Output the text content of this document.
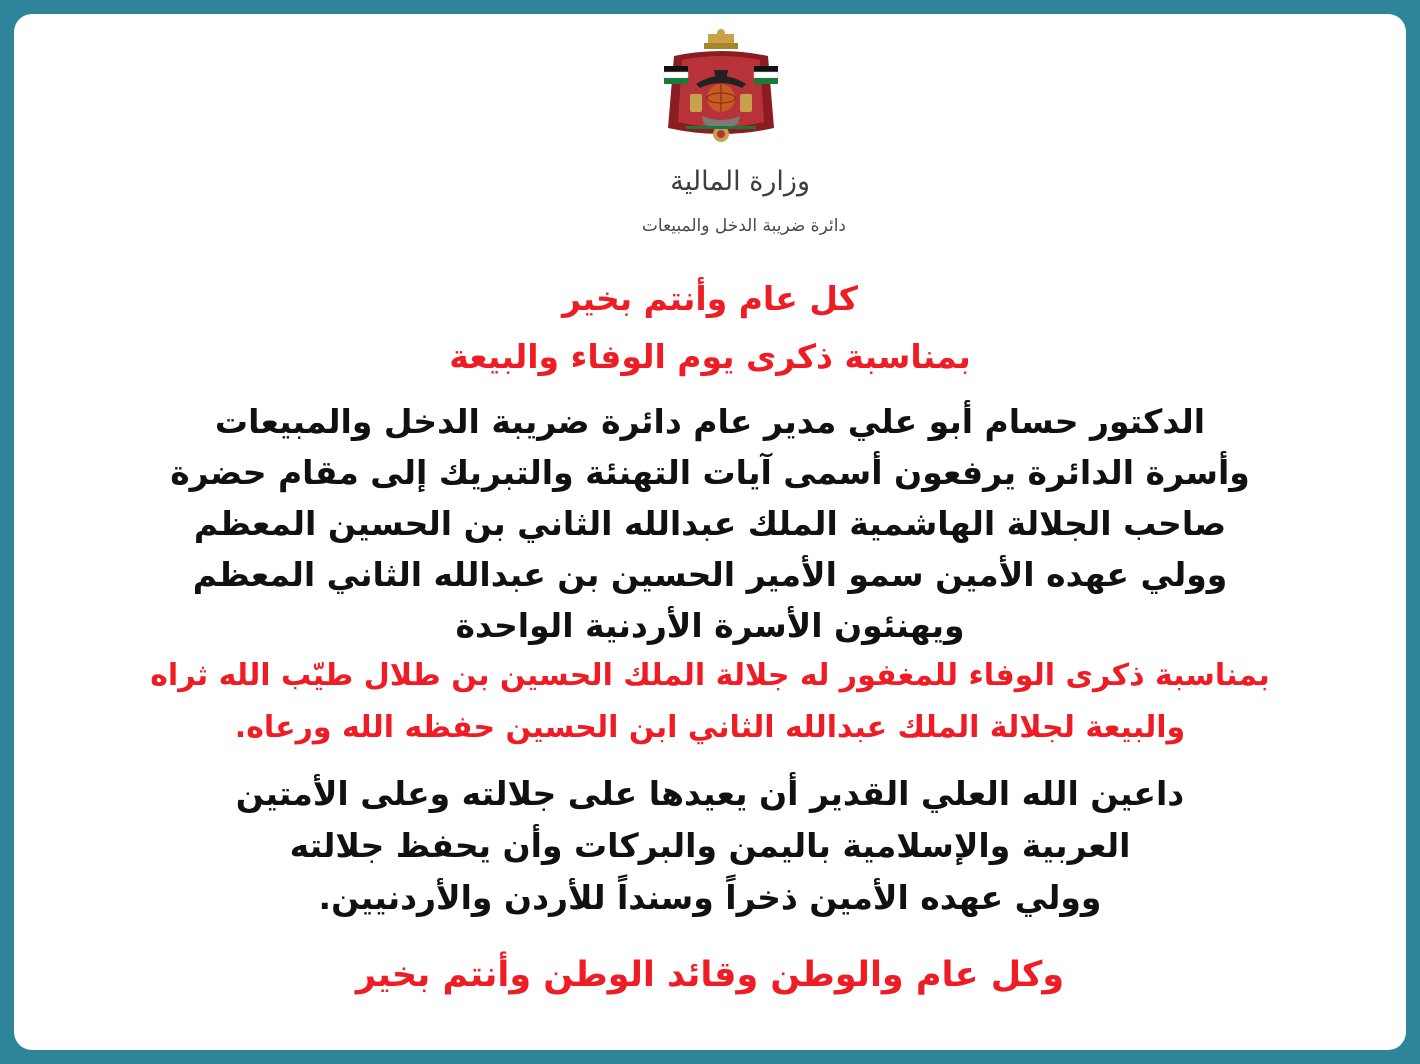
وزارة المالية
دائرة ضريبة الدخل والمبيعات
كل عام وأنتم بخير
بمناسبة ذكرى يوم الوفاء والبيعة
الدكتور حسام أبو علي مدير عام دائرة ضريبة الدخل والمبيعات
وأسرة الدائرة يرفعون أسمى آيات التهنئة والتبريك إلى مقام حضرة
صاحب الجلالة الهاشمية الملك عبدالله الثاني بن الحسين المعظم
وولي عهده الأمين سمو الأمير الحسين بن عبدالله الثاني المعظم
ويهنئون الأسرة الأردنية الواحدة
بمناسبة ذكرى الوفاء للمغفور له جلالة الملك الحسين بن طلال طيّب الله ثراه
والبيعة لجلالة الملك عبدالله الثاني ابن الحسين حفظه الله ورعاه.
داعين الله العلي القدير أن يعيدها على جلالته وعلى الأمتين
العربية والإسلامية باليمن والبركات وأن يحفظ جلالته
وولي عهده الأمين ذخراً وسنداً للأردن والأردنيين.
وكل عام والوطن وقائد الوطن وأنتم بخير
